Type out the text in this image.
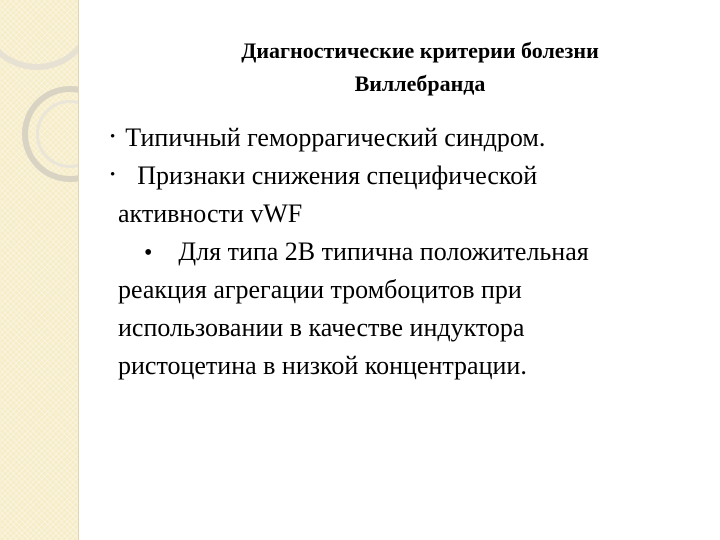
Диагностические критерии болезни
Виллебранда
• Типичный геморрагический синдром.
• Признаки снижения специфической
активности vWF
• Для типа 2В типична положительная
реакция агрегации тромбоцитов при
использовании в качестве индуктора
ристоцетина в низкой концентрации.
